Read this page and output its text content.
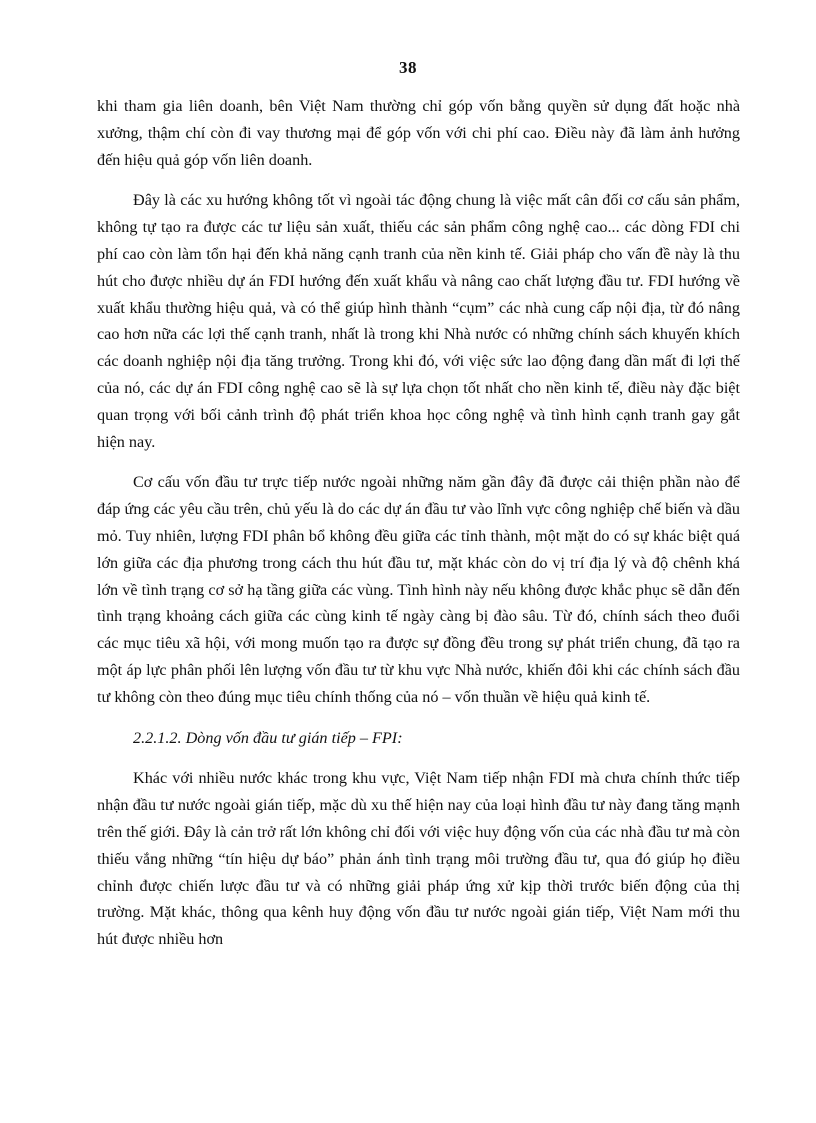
38

khi tham gia liên doanh, bên Việt Nam thường chỉ góp vốn bằng quyền sử dụng đất hoặc nhà xưởng, thậm chí còn đi vay thương mại để góp vốn với chi phí cao. Điều này đã làm ảnh hưởng đến hiệu quả góp vốn liên doanh.

Đây là các xu hướng không tốt vì ngoài tác động chung là việc mất cân đối cơ cấu sản phẩm, không tự tạo ra được các tư liệu sản xuất, thiếu các sản phẩm công nghệ cao... các dòng FDI chi phí cao còn làm tổn hại đến khả năng cạnh tranh của nền kinh tế. Giải pháp cho vấn đề này là thu hút cho được nhiều dự án FDI hướng đến xuất khẩu và nâng cao chất lượng đầu tư. FDI hướng về xuất khẩu thường hiệu quả, và có thể giúp hình thành “cụm” các nhà cung cấp nội địa, từ đó nâng cao hơn nữa các lợi thế cạnh tranh, nhất là trong khi Nhà nước có những chính sách khuyến khích các doanh nghiệp nội địa tăng trưởng. Trong khi đó, với việc sức lao động đang dần mất đi lợi thế của nó, các dự án FDI công nghệ cao sẽ là sự lựa chọn tốt nhất cho nền kinh tế, điều này đặc biệt quan trọng với bối cảnh trình độ phát triển khoa học công nghệ và tình hình cạnh tranh gay gắt hiện nay.

Cơ cấu vốn đầu tư trực tiếp nước ngoài những năm gần đây đã được cải thiện phần nào để đáp ứng các yêu cầu trên, chủ yếu là do các dự án đầu tư vào lĩnh vực công nghiệp chế biến và dầu mỏ. Tuy nhiên, lượng FDI phân bổ không đều giữa các tỉnh thành, một mặt do có sự khác biệt quá lớn giữa các địa phương trong cách thu hút đầu tư, mặt khác còn do vị trí địa lý và độ chênh khá lớn về tình trạng cơ sở hạ tầng giữa các vùng. Tình hình này nếu không được khắc phục sẽ dẫn đến tình trạng khoảng cách giữa các cùng kinh tế ngày càng bị đào sâu. Từ đó, chính sách theo đuổi các mục tiêu xã hội, với mong muốn tạo ra được sự đồng đều trong sự phát triển chung, đã tạo ra một áp lực phân phối lên lượng vốn đầu tư từ khu vực Nhà nước, khiến đôi khi các chính sách đầu tư không còn theo đúng mục tiêu chính thống của nó – vốn thuần về hiệu quả kinh tế.

2.2.1.2. Dòng vốn đầu tư gián tiếp – FPI:

Khác với nhiều nước khác trong khu vực, Việt Nam tiếp nhận FDI mà chưa chính thức tiếp nhận đầu tư nước ngoài gián tiếp, mặc dù xu thế hiện nay của loại hình đầu tư này đang tăng mạnh trên thế giới. Đây là cản trở rất lớn không chỉ đối với việc huy động vốn của các nhà đầu tư mà còn thiếu vắng những “tín hiệu dự báo” phản ánh tình trạng môi trường đầu tư, qua đó giúp họ điều chỉnh được chiến lược đầu tư và có những giải pháp ứng xử kịp thời trước biến động của thị trường. Mặt khác, thông qua kênh huy động vốn đầu tư nước ngoài gián tiếp, Việt Nam mới thu hút được nhiều hơn
